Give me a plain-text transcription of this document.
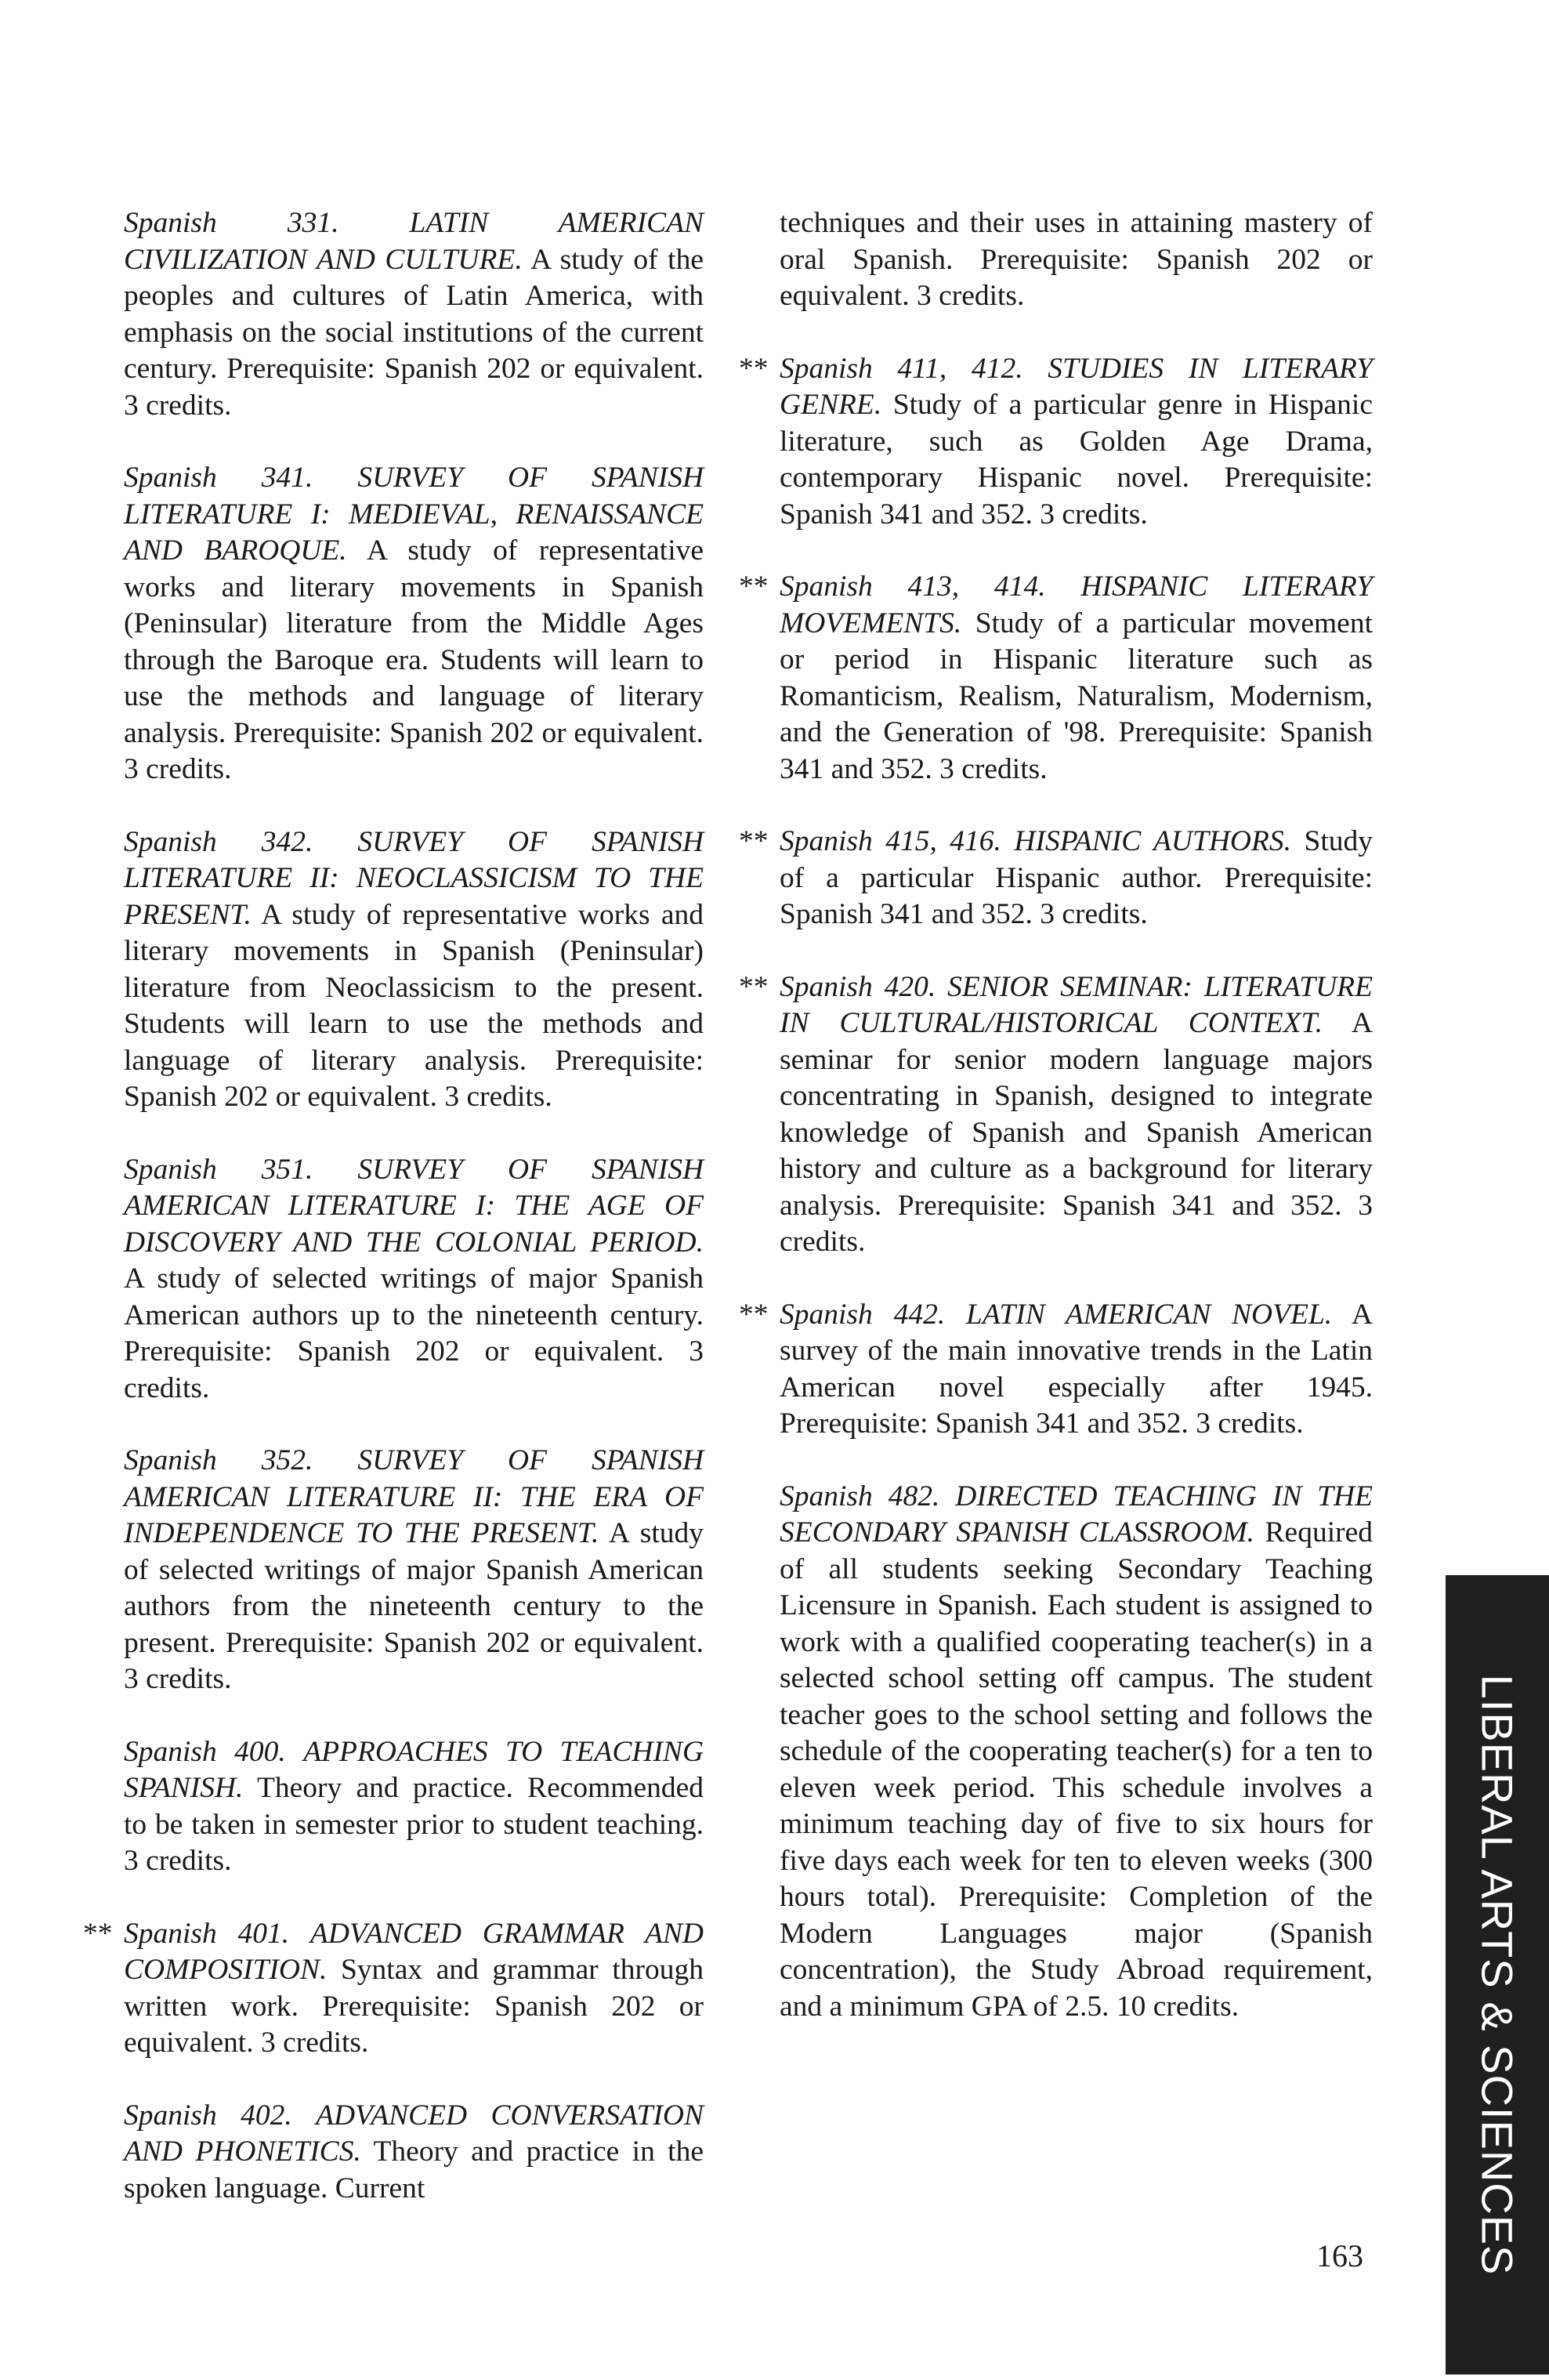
Spanish 331. LATIN AMERICAN CIVILIZATION AND CULTURE. A study of the peoples and cultures of Latin America, with emphasis on the social institutions of the current century. Prerequisite: Spanish 202 or equivalent. 3 credits.

Spanish 341. SURVEY OF SPANISH LITERATURE I: MEDIEVAL, RENAISSANCE AND BAROQUE. A study of representative works and literary movements in Spanish (Peninsular) literature from the Middle Ages through the Baroque era. Students will learn to use the methods and language of literary analysis. Prerequisite: Spanish 202 or equivalent. 3 credits.

Spanish 342. SURVEY OF SPANISH LITERATURE II: NEOCLASSICISM TO THE PRESENT. A study of representative works and literary movements in Spanish (Peninsular) literature from Neoclassicism to the present. Students will learn to use the methods and language of literary analysis. Prerequisite: Spanish 202 or equivalent. 3 credits.

Spanish 351. SURVEY OF SPANISH AMERICAN LITERATURE I: THE AGE OF DISCOVERY AND THE COLONIAL PERIOD. A study of selected writings of major Spanish American authors up to the nineteenth century. Prerequisite: Spanish 202 or equivalent. 3 credits.

Spanish 352. SURVEY OF SPANISH AMERICAN LITERATURE II: THE ERA OF INDEPENDENCE TO THE PRESENT. A study of selected writings of major Spanish American authors from the nineteenth century to the present. Prerequisite: Spanish 202 or equivalent. 3 credits.

Spanish 400. APPROACHES TO TEACHING SPANISH. Theory and practice. Recommended to be taken in semester prior to student teaching. 3 credits.

** Spanish 401. ADVANCED GRAMMAR AND COMPOSITION. Syntax and grammar through written work. Prerequisite: Spanish 202 or equivalent. 3 credits.

Spanish 402. ADVANCED CONVERSATION AND PHONETICS. Theory and practice in the spoken language. Current

techniques and their uses in attaining mastery of oral Spanish. Prerequisite: Spanish 202 or equivalent. 3 credits.

** Spanish 411, 412. STUDIES IN LITERARY GENRE. Study of a particular genre in Hispanic literature, such as Golden Age Drama, contemporary Hispanic novel. Prerequisite: Spanish 341 and 352. 3 credits.

** Spanish 413, 414. HISPANIC LITERARY MOVEMENTS. Study of a particular movement or period in Hispanic literature such as Romanticism, Realism, Naturalism, Modernism, and the Generation of '98. Prerequisite: Spanish 341 and 352. 3 credits.

** Spanish 415, 416. HISPANIC AUTHORS. Study of a particular Hispanic author. Prerequisite: Spanish 341 and 352. 3 credits.

** Spanish 420. SENIOR SEMINAR: LITERATURE IN CULTURAL/HISTORICAL CONTEXT. A seminar for senior modern language majors concentrating in Spanish, designed to integrate knowledge of Spanish and Spanish American history and culture as a background for literary analysis. Prerequisite: Spanish 341 and 352. 3 credits.

** Spanish 442. LATIN AMERICAN NOVEL. A survey of the main innovative trends in the Latin American novel especially after 1945. Prerequisite: Spanish 341 and 352. 3 credits.

Spanish 482. DIRECTED TEACHING IN THE SECONDARY SPANISH CLASSROOM. Required of all students seeking Secondary Teaching Licensure in Spanish. Each student is assigned to work with a qualified cooperating teacher(s) in a selected school setting off campus. The student teacher goes to the school setting and follows the schedule of the cooperating teacher(s) for a ten to eleven week period. This schedule involves a minimum teaching day of five to six hours for five days each week for ten to eleven weeks (300 hours total). Prerequisite: Completion of the Modern Languages major (Spanish concentration), the Study Abroad requirement, and a minimum GPA of 2.5. 10 credits.	LIBERAL ARTS & SCIENCES
163
